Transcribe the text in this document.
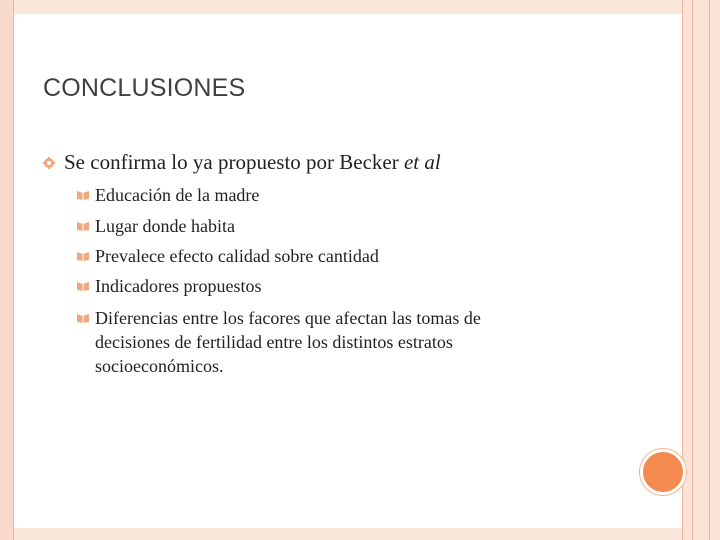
CONCLUSIONES
Se confirma lo ya propuesto por Becker et al
Educación de la madre
Lugar donde habita
Prevalece efecto calidad sobre cantidad
Indicadores propuestos
Diferencias entre los facores que afectan las tomas de decisiones de fertilidad entre los distintos estratos socioeconómicos.
